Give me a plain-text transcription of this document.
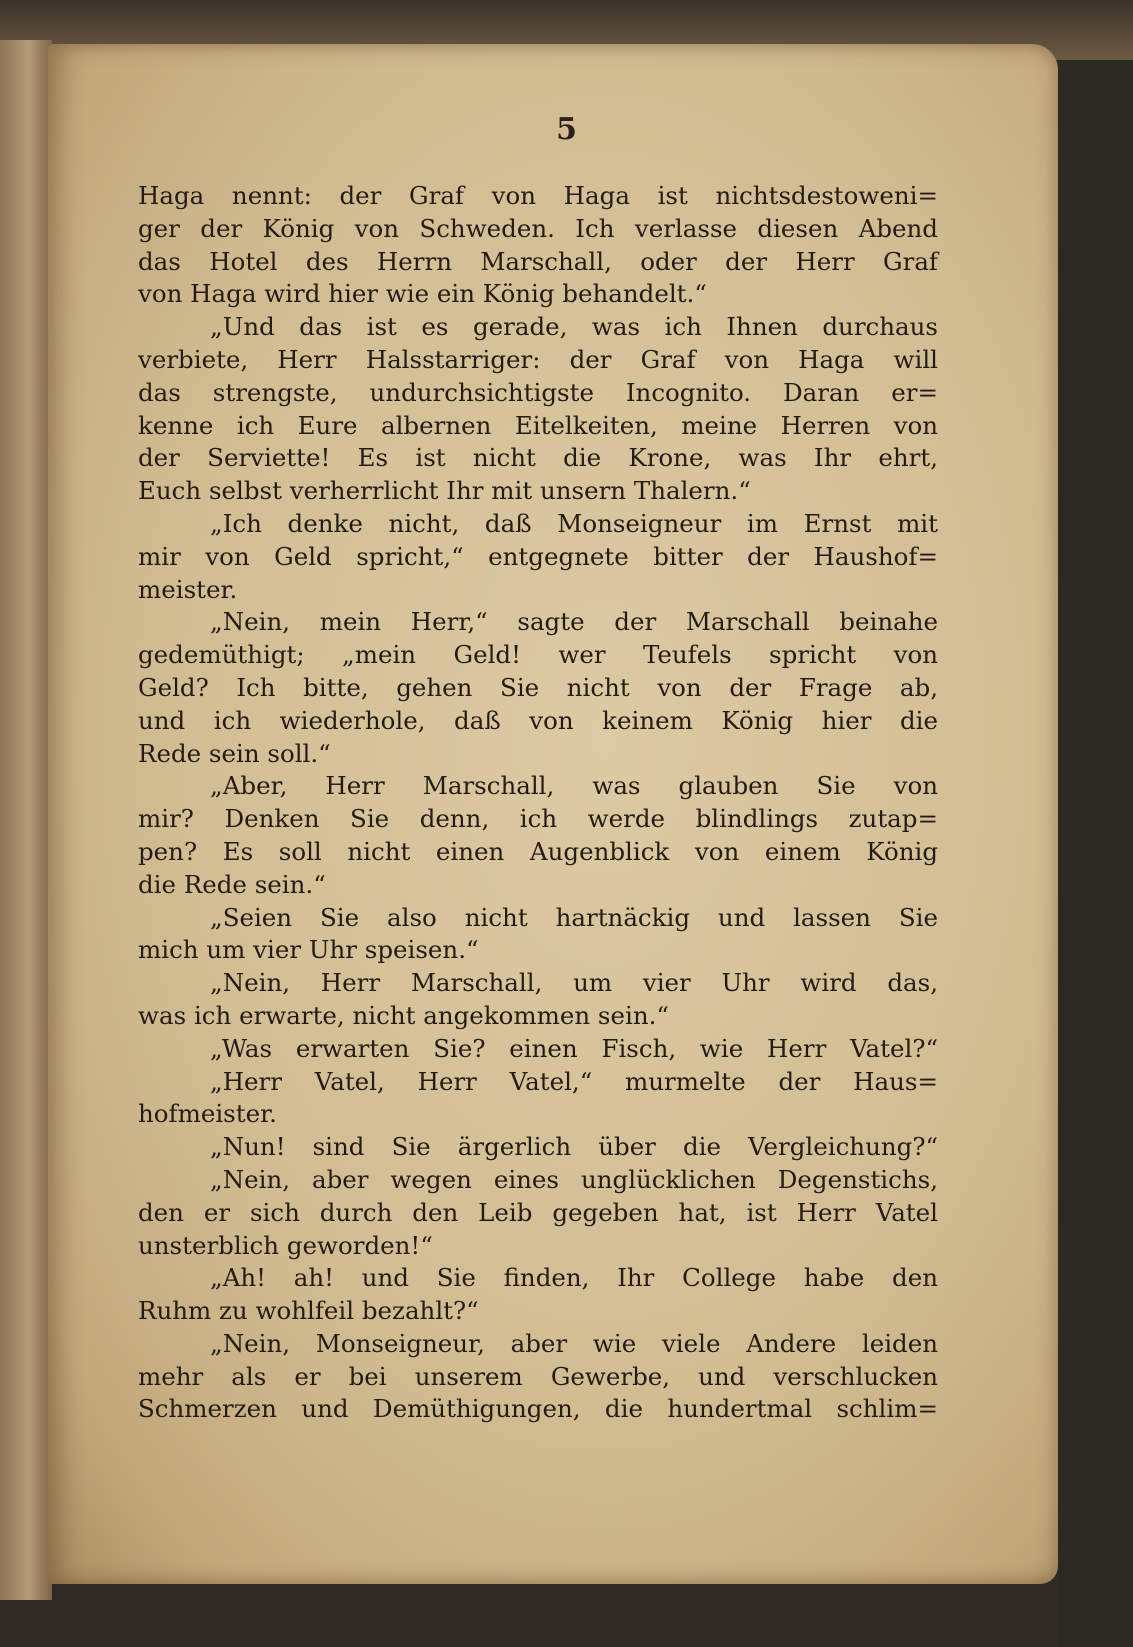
5
Haga nennt: der Graf von Haga ist nichtsdestoweni=
ger der König von Schweden. Ich verlasse diesen Abend
das Hotel des Herrn Marschall, oder der Herr Graf
von Haga wird hier wie ein König behandelt.“
„Und das ist es gerade, was ich Ihnen durchaus
verbiete, Herr Halsstarriger: der Graf von Haga will
das strengste, undurchsichtigste Incognito. Daran er=
kenne ich Eure albernen Eitelkeiten, meine Herren von
der Serviette! Es ist nicht die Krone, was Ihr ehrt,
Euch selbst verherrlicht Ihr mit unsern Thalern.“
„Ich denke nicht, daß Monseigneur im Ernst mit
mir von Geld spricht,“ entgegnete bitter der Haushof=
meister.
„Nein, mein Herr,“ sagte der Marschall beinahe
gedemüthigt; „mein Geld! wer Teufels spricht von
Geld? Ich bitte, gehen Sie nicht von der Frage ab,
und ich wiederhole, daß von keinem König hier die
Rede sein soll.“
„Aber, Herr Marschall, was glauben Sie von
mir? Denken Sie denn, ich werde blindlings zutap=
pen? Es soll nicht einen Augenblick von einem König
die Rede sein.“
„Seien Sie also nicht hartnäckig und lassen Sie
mich um vier Uhr speisen.“
„Nein, Herr Marschall, um vier Uhr wird das,
was ich erwarte, nicht angekommen sein.“
„Was erwarten Sie? einen Fisch, wie Herr Vatel?“
„Herr Vatel, Herr Vatel,“ murmelte der Haus=
hofmeister.
„Nun! sind Sie ärgerlich über die Vergleichung?“
„Nein, aber wegen eines unglücklichen Degenstichs,
den er sich durch den Leib gegeben hat, ist Herr Vatel
unsterblich geworden!“
„Ah! ah! und Sie finden, Ihr College habe den
Ruhm zu wohlfeil bezahlt?“
„Nein, Monseigneur, aber wie viele Andere leiden
mehr als er bei unserem Gewerbe, und verschlucken
Schmerzen und Demüthigungen, die hundertmal schlim=
